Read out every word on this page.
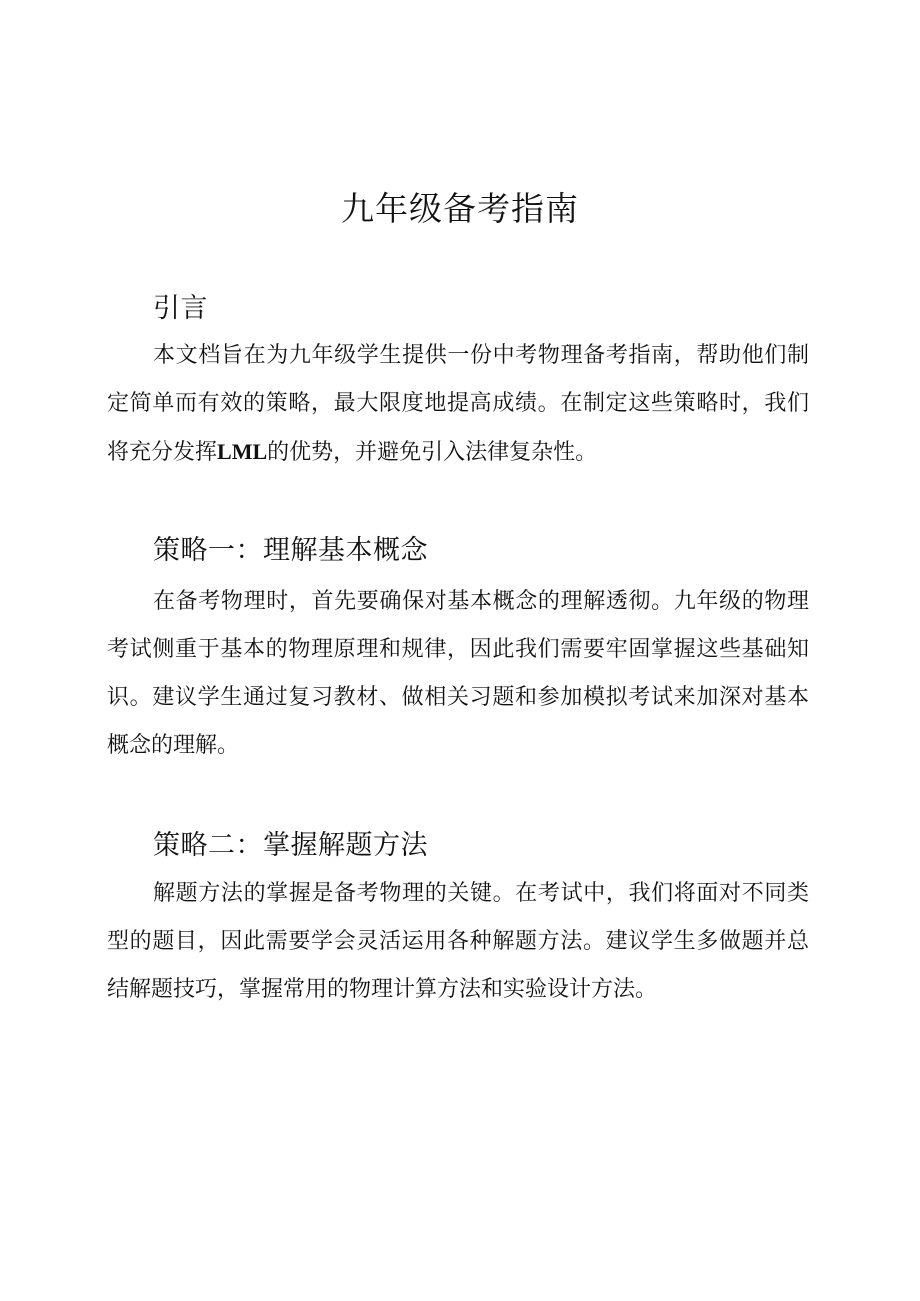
九年级备考指南
引言

本文档旨在为九年级学生提供一份中考物理备考指南，帮助他们制定简单而有效的策略，最大限度地提高成绩。在制定这些策略时，我们将充分发挥LML的优势，并避免引入法律复杂性。

策略一：理解基本概念

在备考物理时，首先要确保对基本概念的理解透彻。九年级的物理考试侧重于基本的物理原理和规律，因此我们需要牢固掌握这些基础知识。建议学生通过复习教材、做相关习题和参加模拟考试来加深对基本概念的理解。

策略二：掌握解题方法

解题方法的掌握是备考物理的关键。在考试中，我们将面对不同类型的题目，因此需要学会灵活运用各种解题方法。建议学生多做题并总结解题技巧，掌握常用的物理计算方法和实验设计方法。
